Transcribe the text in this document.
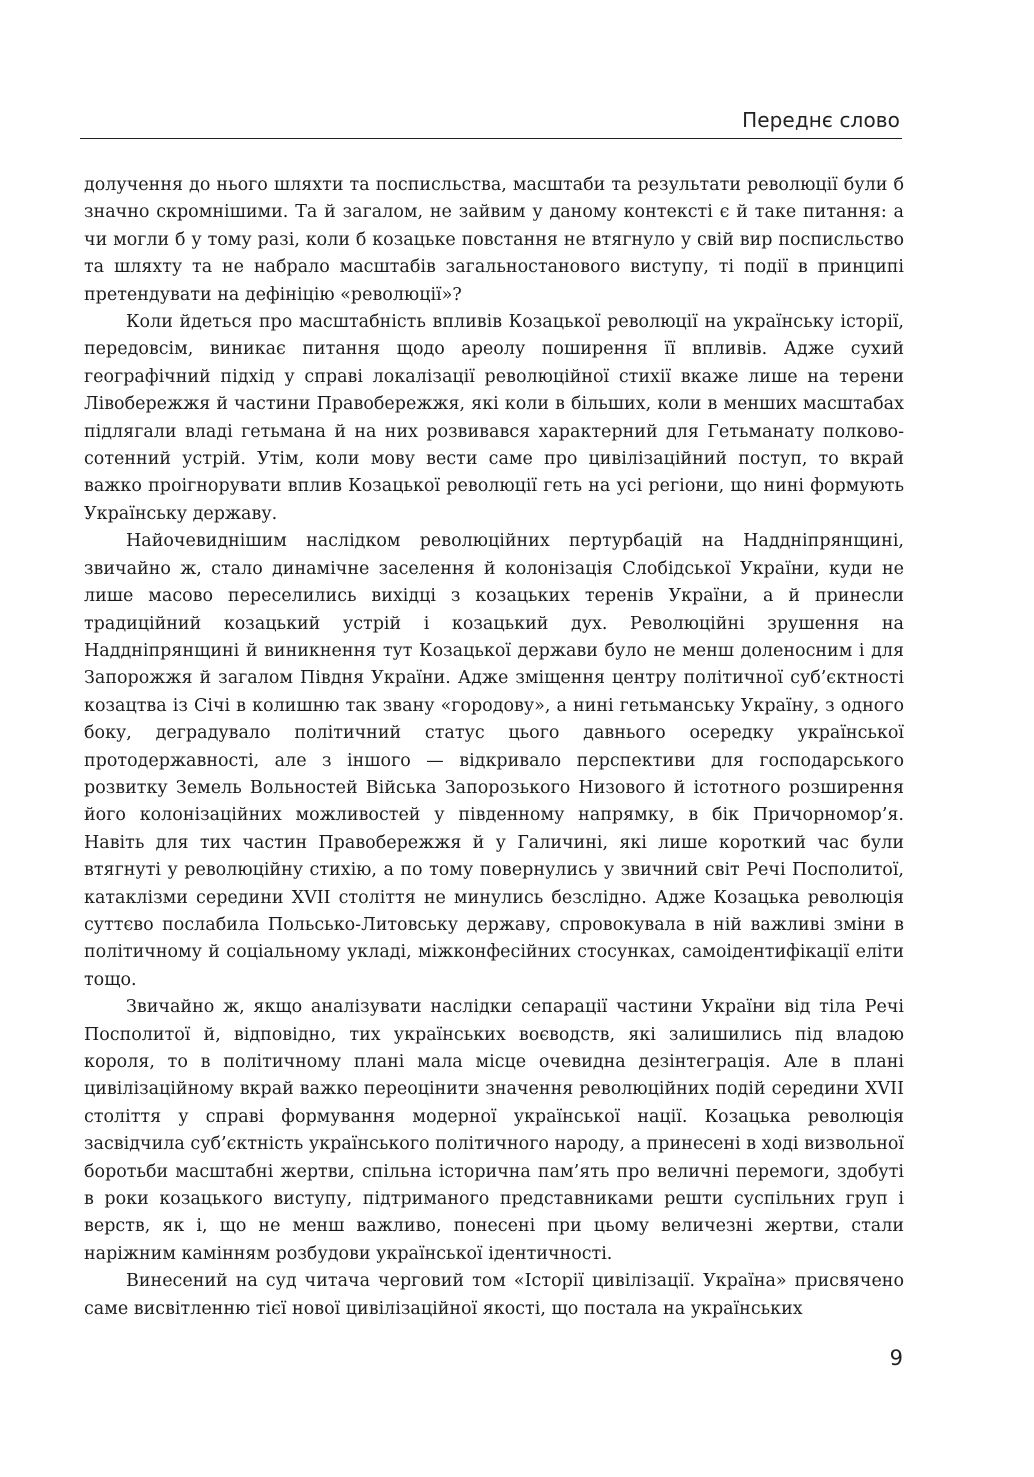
Переднє слово

долучення до нього шляхти та посписльства, масштаби та результати революції були б значно скромнішими. Та й загалом, не зайвим у даному контексті є й таке питання: а чи могли б у тому разі, коли б козацьке повстання не втягнуло у свій вир посписльство та шляхту та не набрало масштабів загальностанового виступу, ті події в принципі претендувати на дефініцію «революції»?

Коли йдеться про масштабність впливів Козацької революції на українську історії, передовсім, виникає питання щодо ареолу поширення її впливів. Адже сухий географічний підхід у справі локалізації революційної стихії вкаже лише на терени Лівобережжя й частини Правобережжя, які коли в більших, коли в менших масштабах підлягали владі гетьмана й на них розвивався характерний для Гетьманату полково-сотенний устрій. Утім, коли мову вести саме про цивілізаційний поступ, то вкрай важко проігнорувати вплив Козацької революції геть на усі регіони, що нині формують Українську державу.

Найочевиднішим наслідком революційних пертурбацій на Наддніпрянщині, звичайно ж, стало динамічне заселення й колонізація Слобідської України, куди не лише масово переселились вихідці з козацьких теренів України, а й принесли традиційний козацький устрій і козацький дух. Революційні зрушення на Наддніпрянщині й виникнення тут Козацької держави було не менш доленосним і для Запорожжя й загалом Півдня України. Адже зміщення центру політичної суб’єктності козацтва із Січі в колишню так звану «городову», а нині гетьманську Україну, з одного боку, деградувало політичний статус цього давнього осередку української протодержавності, але з іншого — відкривало перспективи для господарського розвитку Земель Вольностей Війська Запорозького Низового й істотного розширення його колонізаційних можливостей у південному напрямку, в бік Причорномор’я. Навіть для тих частин Правобережжя й у Галичині, які лише короткий час були втягнуті у революційну стихію, а по тому повернулись у звичний світ Речі Посполитої, катаклізми середини XVII століття не минулись безслідно. Адже Козацька революція суттєво послабила Польсько-Литовську державу, спровокувала в ній важливі зміни в політичному й соціальному укладі, міжконфесійних стосунках, самоідентифікації еліти тощо.

Звичайно ж, якщо аналізувати наслідки сепарації частини України від тіла Речі Посполитої й, відповідно, тих українських воєводств, які залишились під владою короля, то в політичному плані мала місце очевидна дезінтеграція. Але в плані цивілізаційному вкрай важко переоцінити значення революційних подій середини XVII століття у справі формування модерної української нації. Козацька революція засвідчила суб’єктність українського політичного народу, а принесені в ході визвольної боротьби масштабні жертви, спільна історична пам’ять про величні перемоги, здобуті в роки козацького виступу, підтриманого представниками решти суспільних груп і верств, як і, що не менш важливо, понесені при цьому величезні жертви, стали наріжним камінням розбудови української ідентичності.

Винесений на суд читача черговий том «Історії цивілізації. Україна» присвячено саме висвітленню тієї нової цивілізаційної якості, що постала на українських

9
